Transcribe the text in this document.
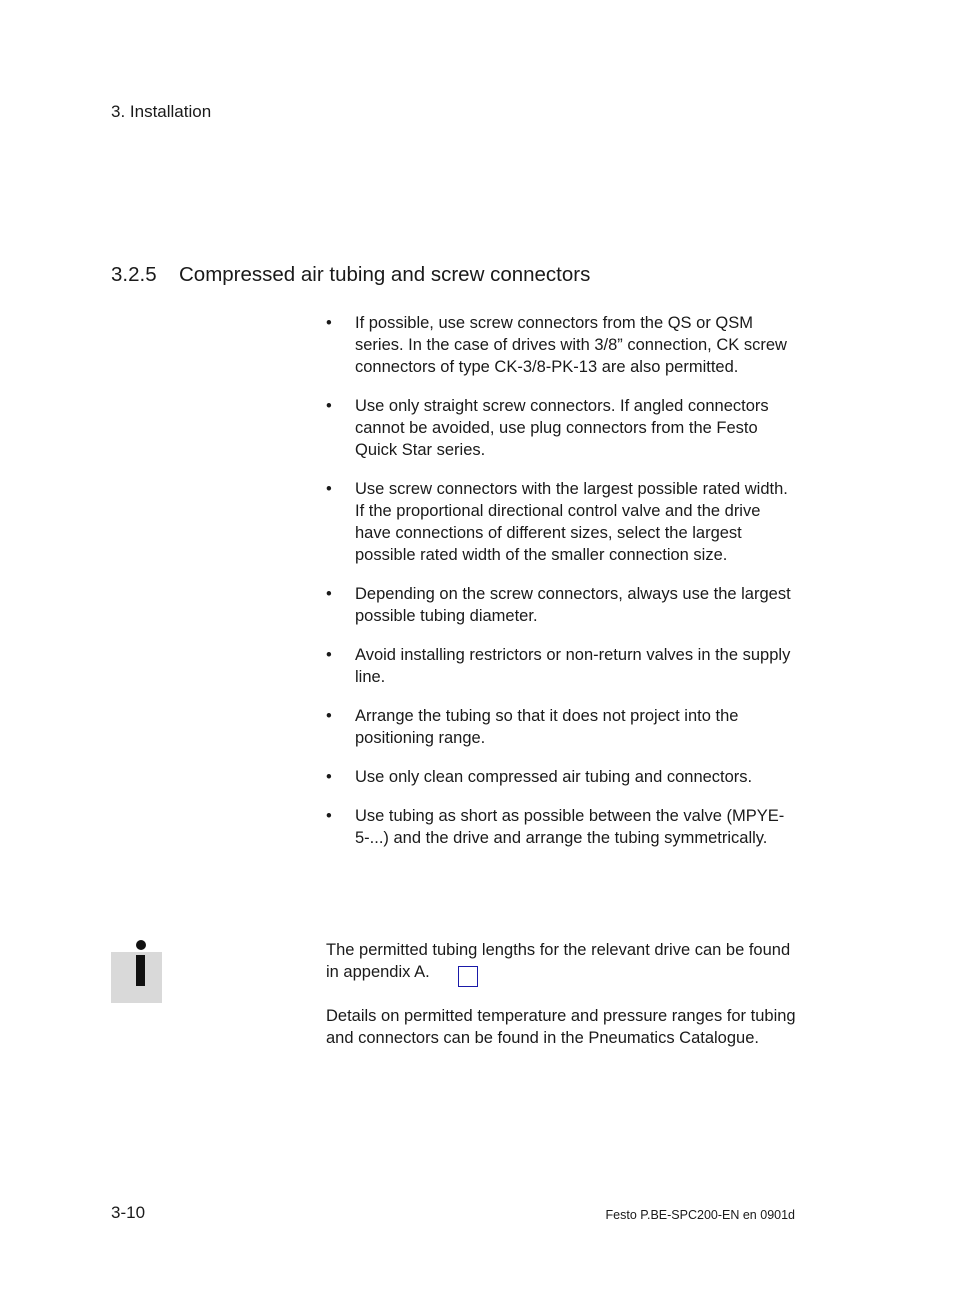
3. Installation
3.2.5 Compressed air tubing and screw connectors
• If possible, use screw connectors from the QS or QSM series. In the case of drives with 3/8” connection, CK screw connectors of type CK-3/8-PK-13 are also permitted.
• Use only straight screw connectors. If angled connectors cannot be avoided, use plug connectors from the Festo Quick Star series.
• Use screw connectors with the largest possible rated width. If the proportional directional control valve and the drive have connections of different sizes, select the largest possible rated width of the smaller connection size.
• Depending on the screw connectors, always use the largest possible tubing diameter.
• Avoid installing restrictors or non-return valves in the supply line.
• Arrange the tubing so that it does not project into the positioning range.
• Use only clean compressed air tubing and connectors.
• Use tubing as short as possible between the valve (MPYE-5-...) and the drive and arrange the tubing symmetrically.

The permitted tubing lengths for the relevant drive can be found in appendix A.

Details on permitted temperature and pressure ranges for tubing and connectors can be found in the Pneumatics Catalogue.

3-10	Festo P.BE-SPC200-EN en 0901d
